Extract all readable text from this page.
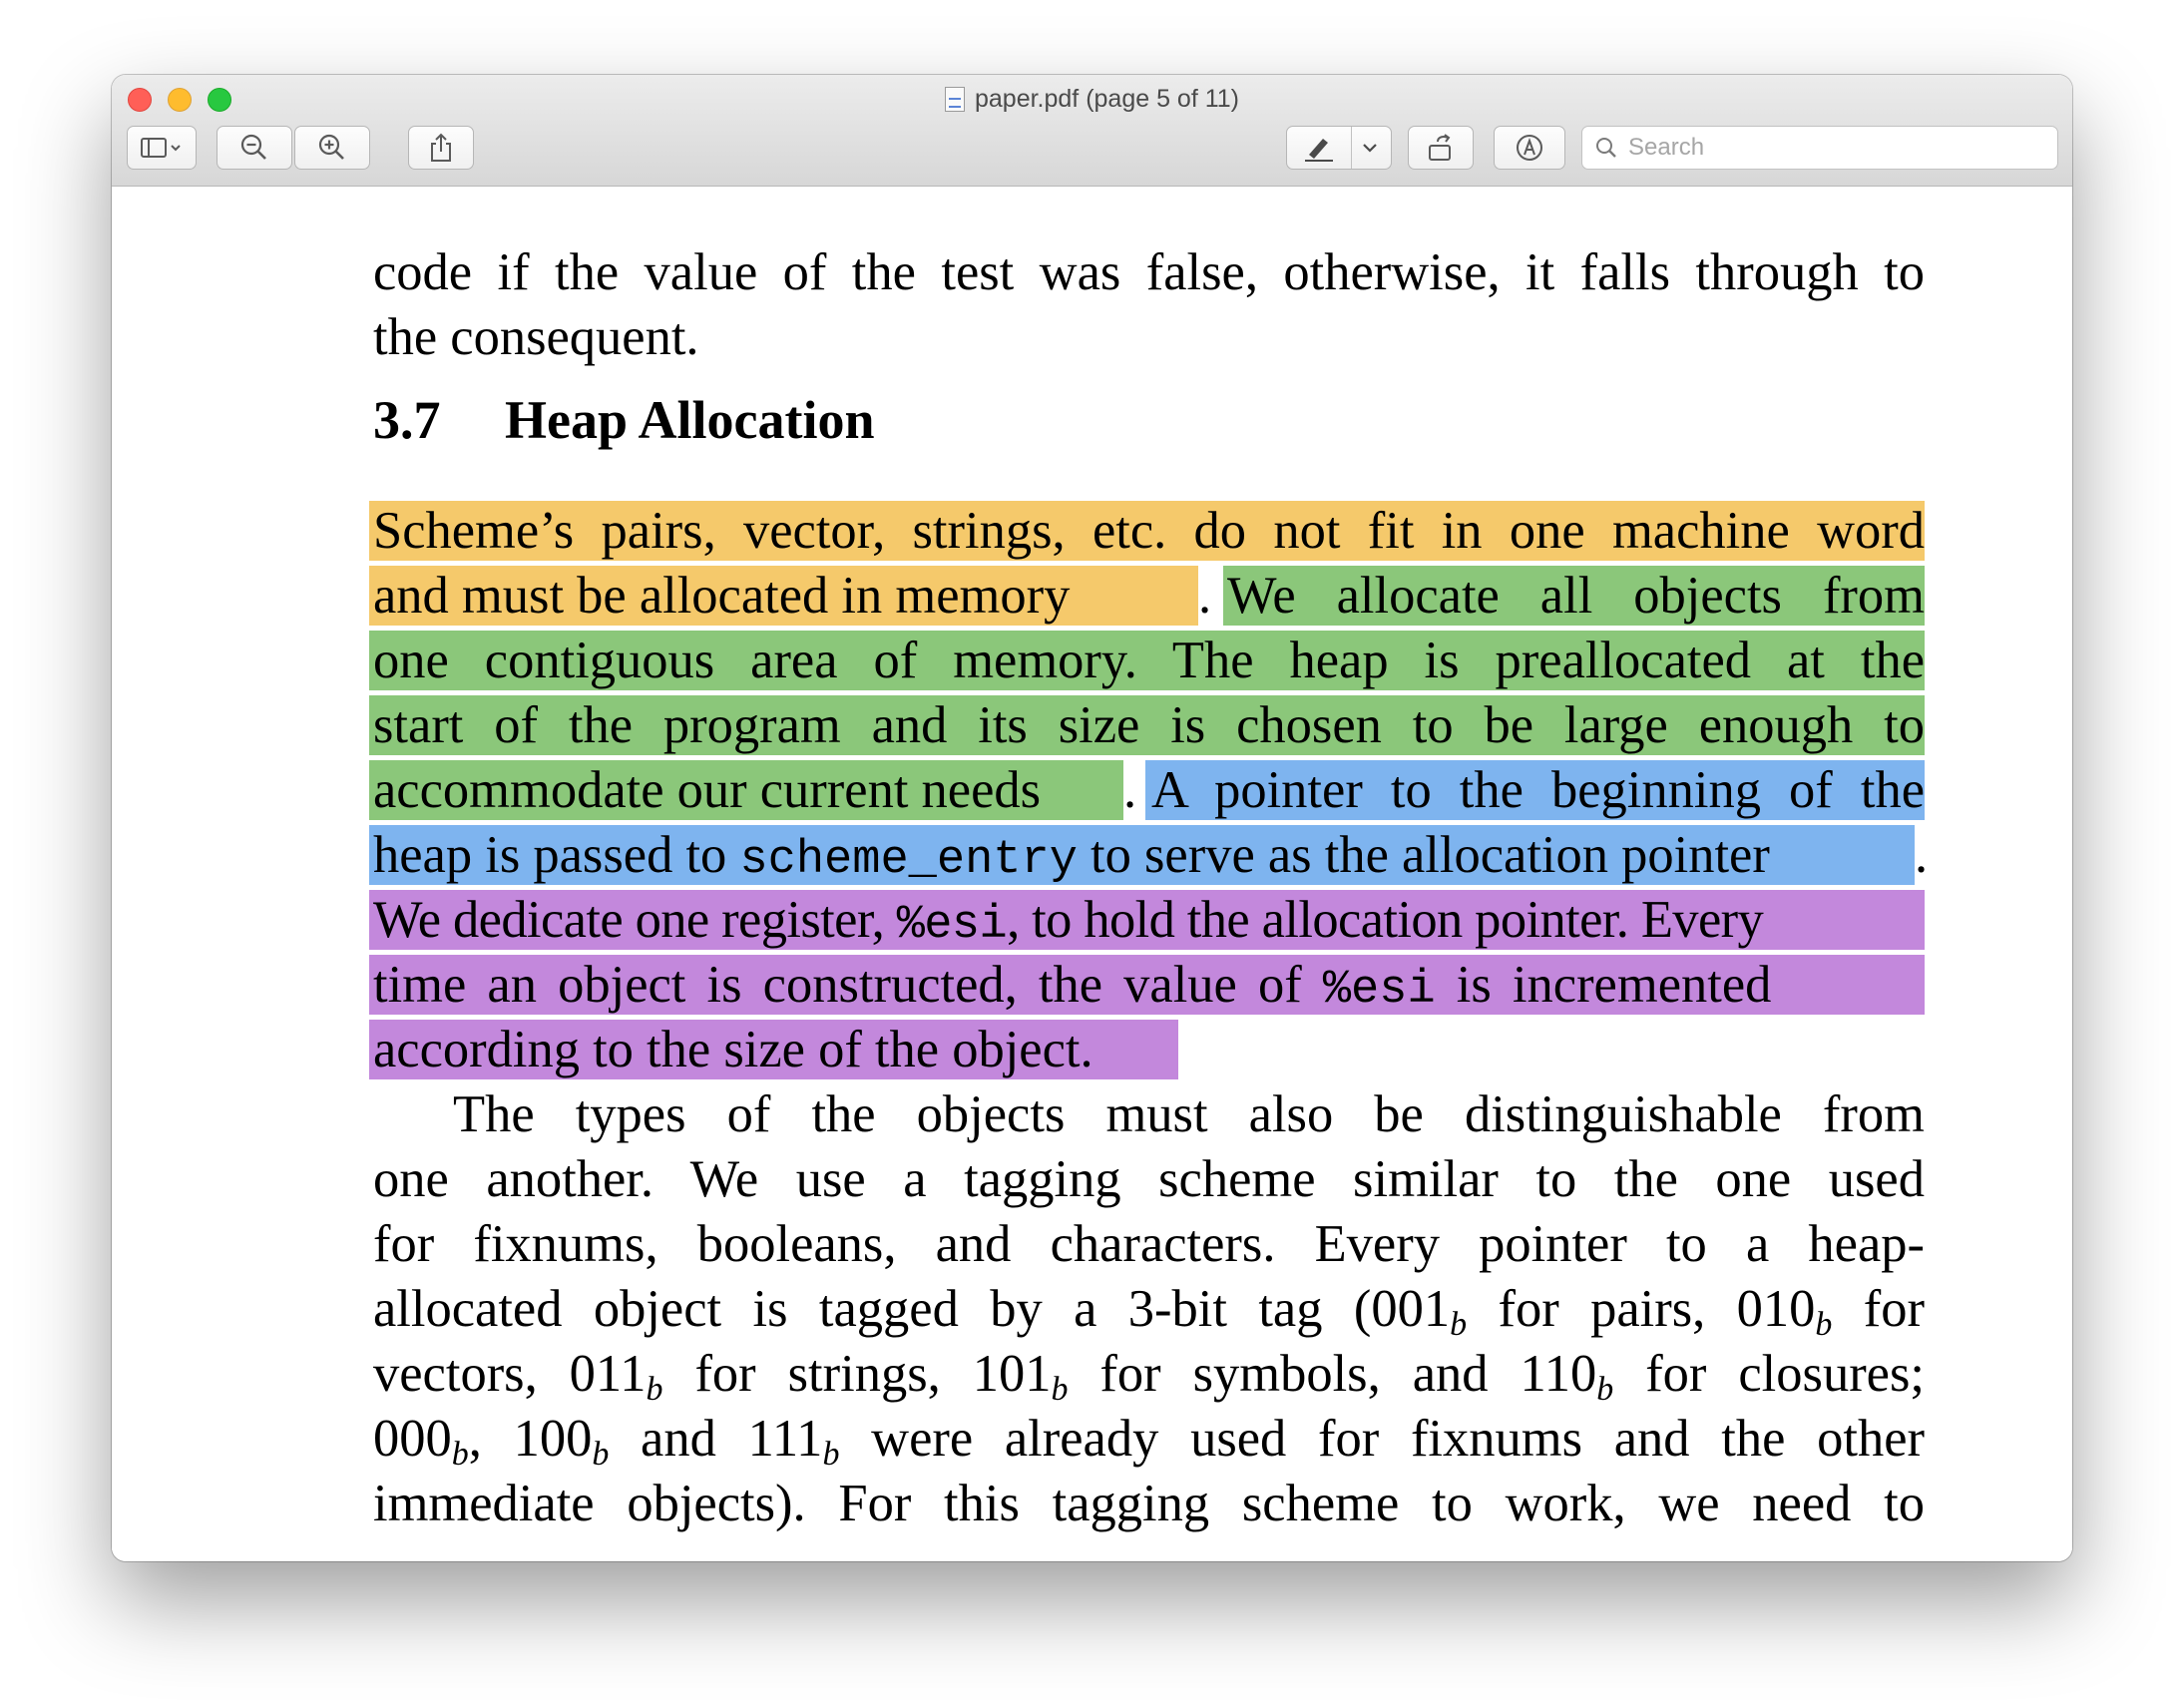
paper.pdf (page 5 of 11)
Search
code if the value of the test was false, otherwise, it falls through to
the consequent.
3.7 Heap Allocation
Scheme’s pairs, vector, strings, etc. do not fit in one machine word
and must be allocated in memory . We allocate all objects from
one contiguous area of memory. The heap is preallocated at the
start of the program and its size is chosen to be large enough to
accommodate our current needs . A pointer to the beginning of the
heap is passed to scheme_entry to serve as the allocation pointer	.
We dedicate one register, %esi, to hold the allocation pointer. Every
time an object is constructed, the value of %esi is incremented
according to the size of the object.
The types of the objects must also be distinguishable from
one another. We use a tagging scheme similar to the one used
for fixnums, booleans, and characters. Every pointer to a heap-
allocated object is tagged by a 3-bit tag ($001_b$ for pairs, $010_b$ for
vectors, $011_b$ for strings, $101_b$ for symbols, and $110_b$ for closures;
$000_b$, $100_b$ and $111_b$ were already used for fixnums and the other
immediate objects). For this tagging scheme to work, we need to
